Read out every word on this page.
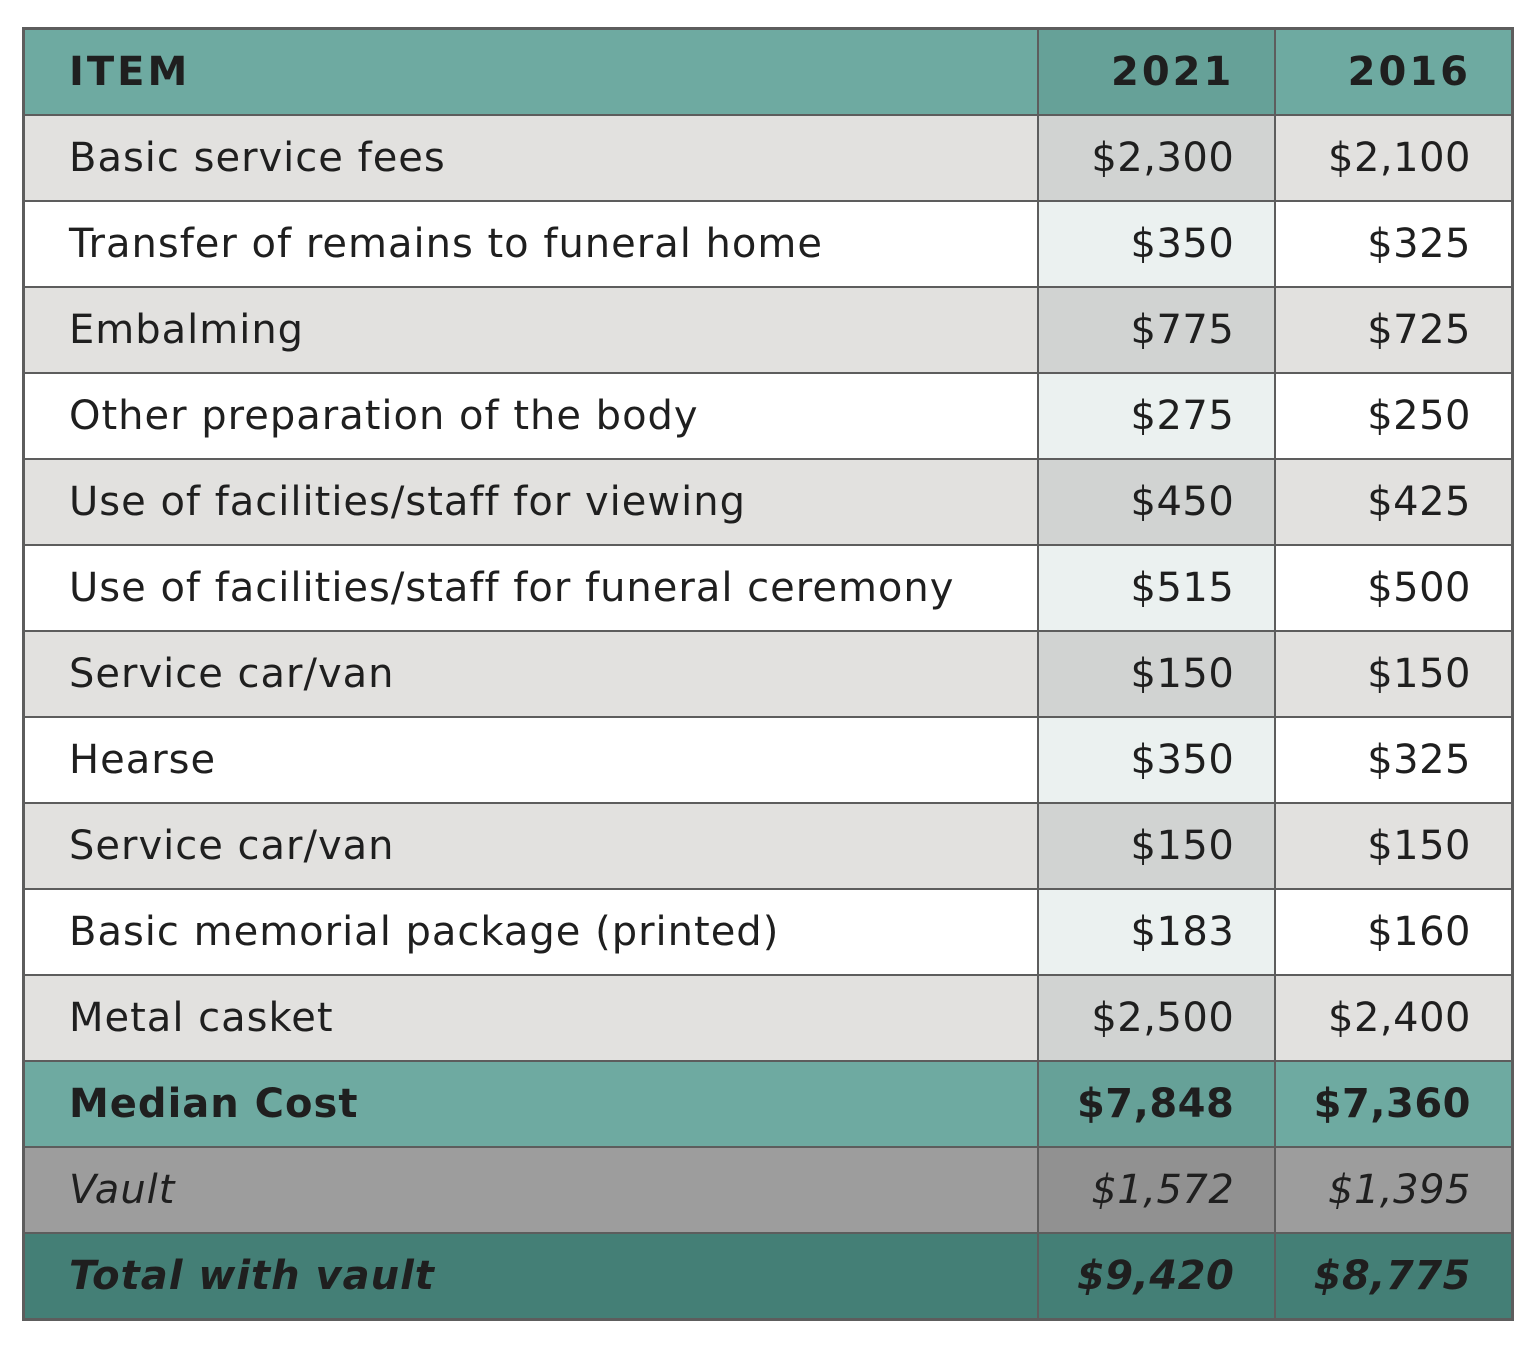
ITEM	2021	2016
Basic service fees	$2,300	$2,100
Transfer of remains to funeral home	$350	$325
Embalming	$775	$725
Other preparation of the body	$275	$250
Use of facilities/staff for viewing	$450	$425
Use of facilities/staff for funeral ceremony	$515	$500
Service car/van	$150	$150
Hearse	$350	$325
Service car/van	$150	$150
Basic memorial package (printed)	$183	$160
Metal casket	$2,500	$2,400
Median Cost	$7,848	$7,360
Vault	$1,572	$1,395
Total with vault	$9,420	$8,775
